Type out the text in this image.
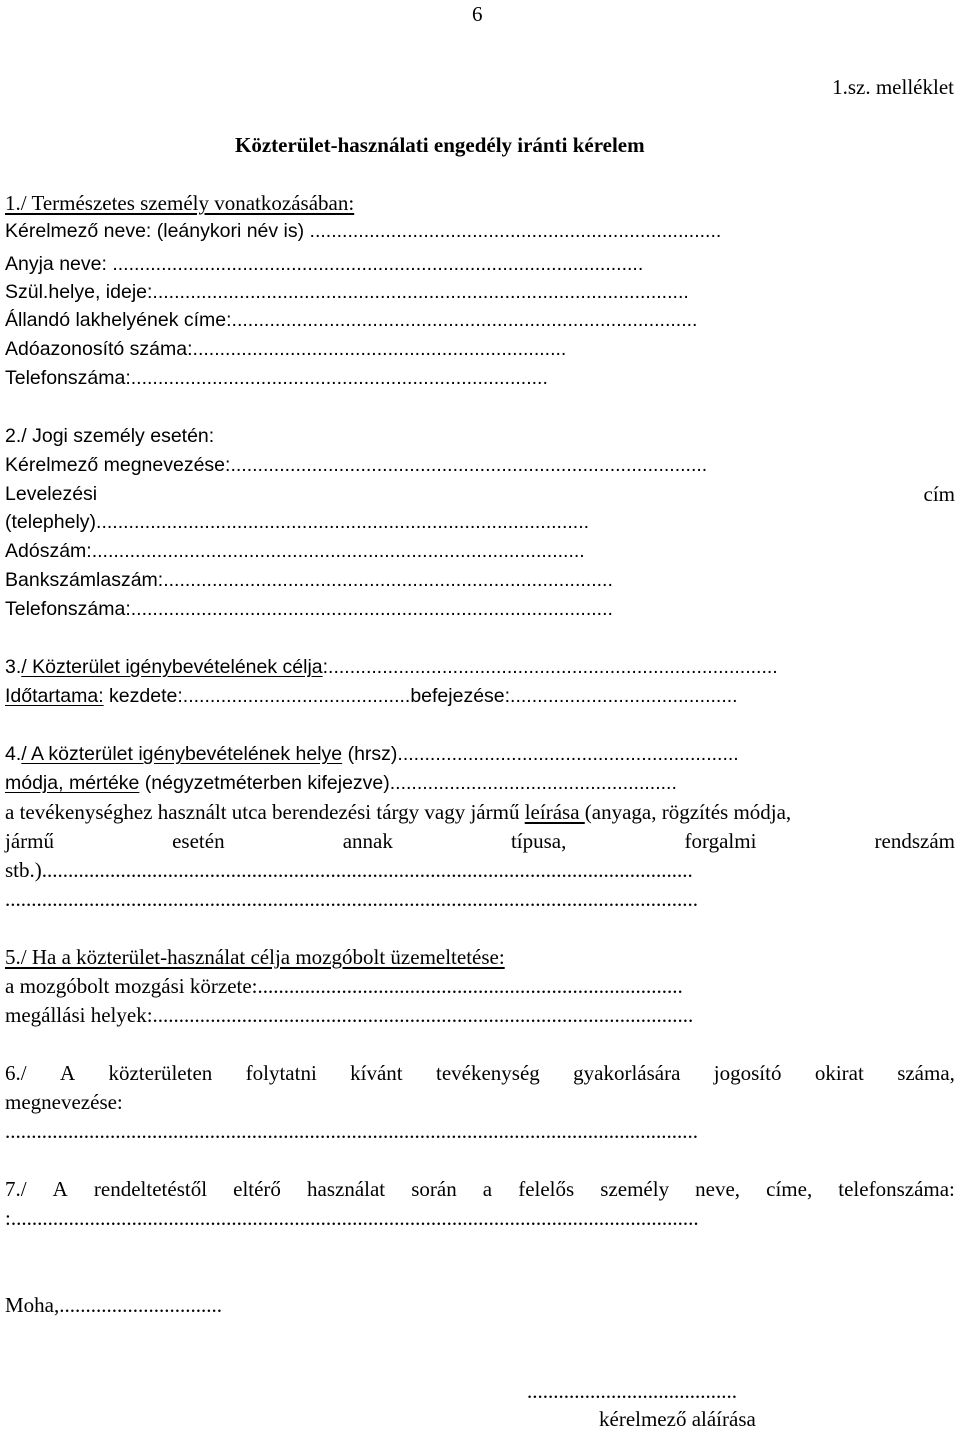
6
1.sz. melléklet
Közterület-használati engedély iránti kérelem
1./ Természetes személy vonatkozásában:
Kérelmező neve: (leánykori név is) ............................................................................
Anyja neve: ..................................................................................................
Szül.helye, ideje:...................................................................................................
Állandó lakhelyének címe:......................................................................................
Adóazonosító száma:.....................................................................
Telefonszáma:.............................................................................
2./ Jogi személy esetén:
Kérelmező megnevezése:........................................................................................
Levelezési	cím
(telephely)...........................................................................................
Adószám:...........................................................................................
Bankszámlaszám:...................................................................................
Telefonszáma:.........................................................................................
3./ Közterület igénybevételének célja:...................................................................................
Időtartama: kezdete:..........................................befejezése:..........................................
4./ A közterület igénybevételének helye (hrsz)...............................................................
módja, mértéke (négyzetméterben kifejezve).....................................................
a tevékenységhez használt utca berendezési tárgy vagy jármű leírása (anyaga, rögzítés módja,
jármű	esetén	annak	típusa,	forgalmi	rendszám
stb.)............................................................................................................................
....................................................................................................................................
5./ Ha a közterület-használat célja mozgóbolt üzemeltetése:
a mozgóbolt mozgási körzete:.................................................................................
megállási helyek:.......................................................................................................
6./ A közterületen folytatni kívánt tevékenység gyakorlására jogosító okirat száma,
megnevezése:
....................................................................................................................................
7./ A rendeltetéstől eltérő használat során a felelős személy neve, címe, telefonszáma:
:...................................................................................................................................
Moha,...............................
........................................
kérelmező aláírása
